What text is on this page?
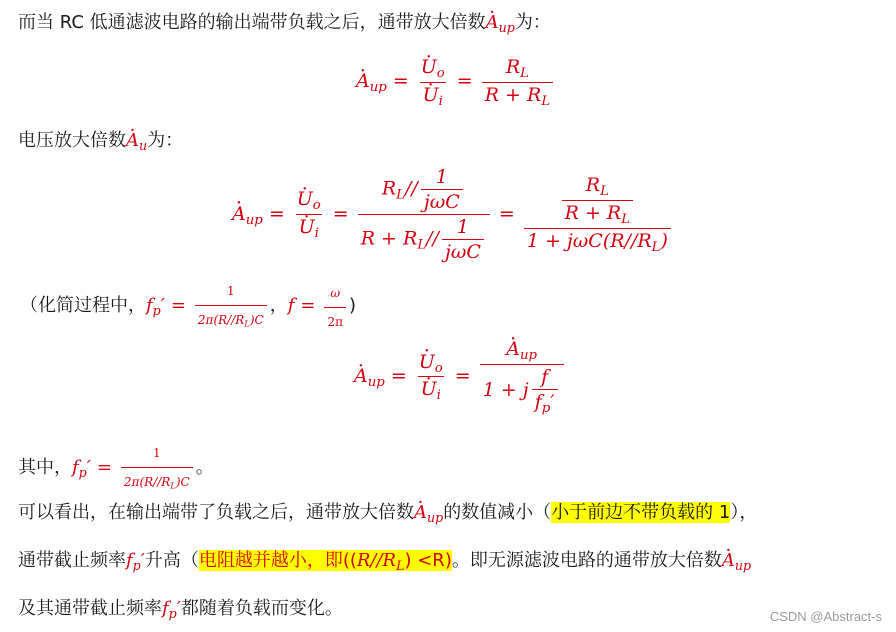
而当 RC 低通滤波电路的输出端带负载之后，通带放大倍数· $A_{up}$为：
· $A_{up}$ = · $U_o$
· $U_i = \frac{R_L}{R + R_L}$
电压放大倍数· $A_u$为：
· $A_{up}$ = · $U_o$
· $U_i = \frac{R_L// \frac{1}{\text{jωC}}}{R + R_L// \frac{1}{\text{jωC}}} = \frac{\frac{R_L}{R + R_L}}{1 + j\omega C(R//R_L)}$
（化简过程中，$f_p' = \frac{1}{2\pi(R//R_L)C}$ ，$f = \frac{\omega}{2\pi}$ )
· $A_{up}$ = · $U_o$
· $U_i$ = · $\frac{A_{up}}{1 + j \frac{f}{f_p'}}$
其中，$f_p' = \frac{1}{2\pi(R//R_L)C}$ 。
可以看出，在输出端带了负载之后，通带放大倍数· $A_{up}$的数值减小（小于前边不带负载的 1），
通带截止频率$f_p'$升高（电阻越并越小，即$((R//R_L) <R)$。即无源滤波电路的通带放大倍数· $A_{up}$
及其通带截止频率$f_p'$都随着负载而变化。	CSDN @Abstract-s
